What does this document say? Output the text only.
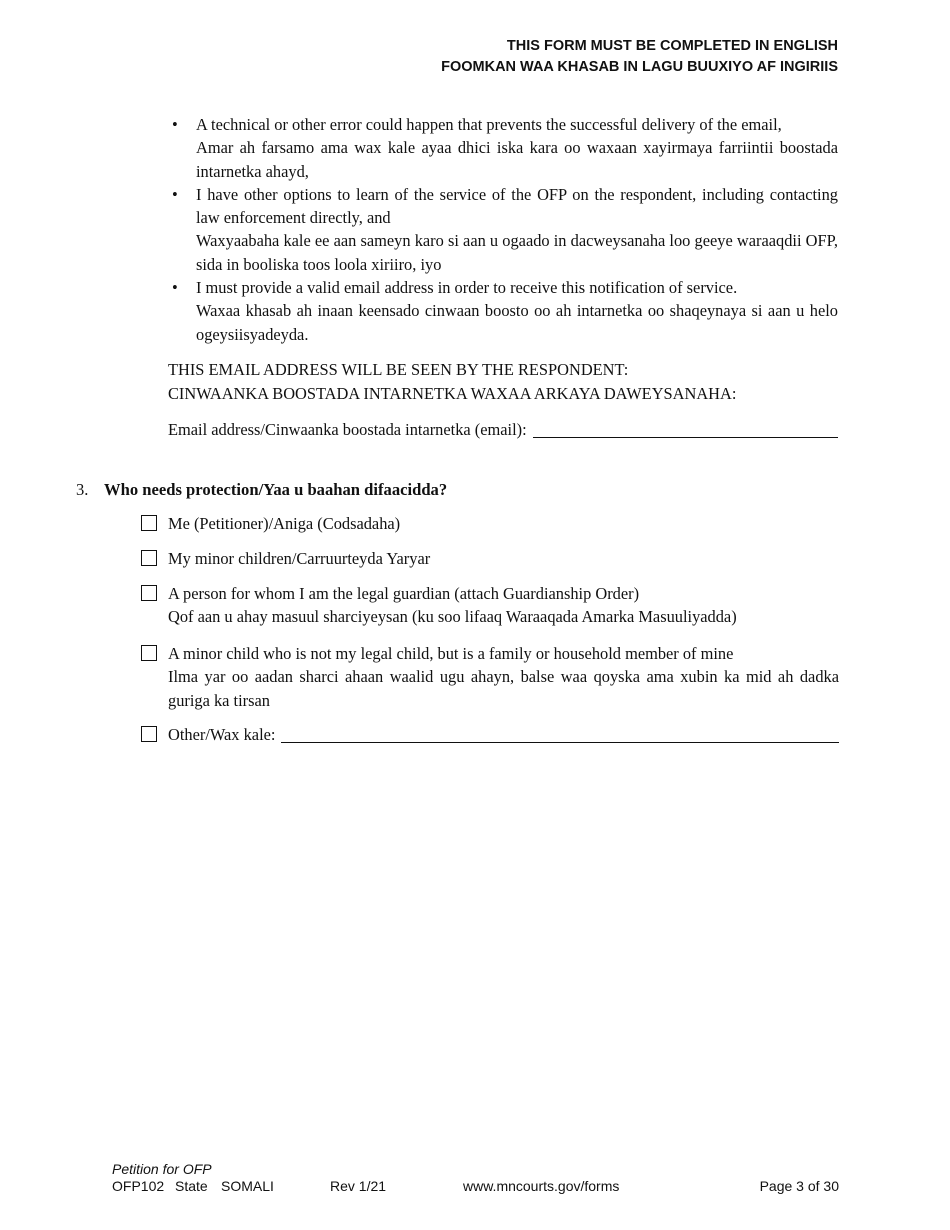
THIS FORM MUST BE COMPLETED IN ENGLISH
FOOMKAN WAA KHASAB IN LAGU BUUXIYO AF INGIRIIS
• A technical or other error could happen that prevents the successful delivery of the email,

Amar ah farsamo ama wax kale ayaa dhici iska kara oo waxaan xayirmaya farriintii boostada intarnetka ahayd,

• I have other options to learn of the service of the OFP on the respondent, including contacting law enforcement directly, and

Waxyaabaha kale ee aan sameyn karo si aan u ogaado in dacweysanaha loo geeye waraaqdii OFP, sida in booliska toos loola xiriiro, iyo

• I must provide a valid email address in order to receive this notification of service.

Waxaa khasab ah inaan keensado cinwaan boosto oo ah intarnetka oo shaqeynaya si aan u helo ogeysiisyadeyda.

THIS EMAIL ADDRESS WILL BE SEEN BY THE RESPONDENT:

CINWAANKA BOOSTADA INTARNETKA WAXAA ARKAYA DAWEYSANAHA:

Email address/Cinwaanka boostada intarnetka (email):
3. Who needs protection/Yaa u baahan difaacidda?

Me (Petitioner)/Aniga (Codsadaha)

My minor children/Carruurteyda Yaryar

A person for whom I am the legal guardian (attach Guardianship Order)

Qof aan u ahay masuul sharciyeysan (ku soo lifaaq Waraaqada Amarka Masuuliyadda)

A minor child who is not my legal child, but is a family or household member of mine

Ilma yar oo aadan sharci ahaan waalid ugu ahayn, balse waa qoyska ama xubin ka mid ah dadka guriga ka tirsan

Other/Wax kale:
Petition for OFP
OFP102 State SOMALI	Rev 1/21	www.mncourts.gov/forms	Page 3 of 30
